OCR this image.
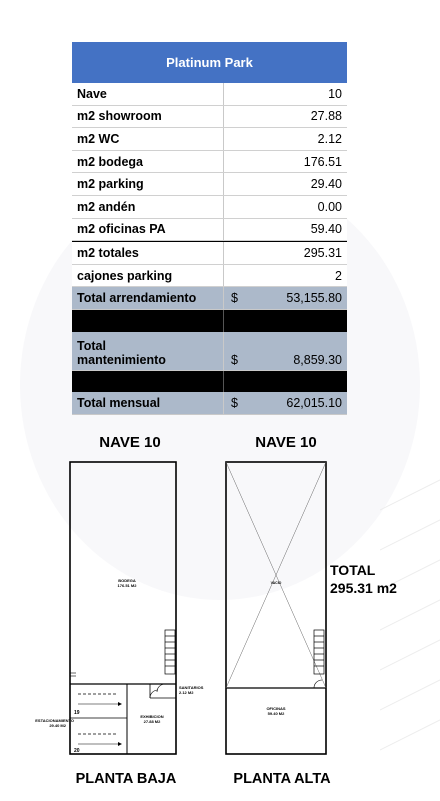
Platinum Park
Nave	10
m2 showroom	27.88
m2 WC	2.12
m2 bodega	176.51
m2 parking	29.40
m2 andén	0.00
m2 oficinas PA	59.40
m2 totales	295.31
cajones parking	2
Total arrendamiento	$	53,155.80
Total
mantenimiento	$	8,859.30
Total mensual	$	62,015.10
NAVE 10	NAVE 10
BODEGA
176.51 M2
SANITARIOS
2.12 M2
EXHIBICION
27.88 M2
ESTACIONAMIENTO
29.40 M2
19
20
VACIO
OFICINAS
59.40 M2
TOTAL
295.31 m2
PLANTA BAJA	PLANTA ALTA
